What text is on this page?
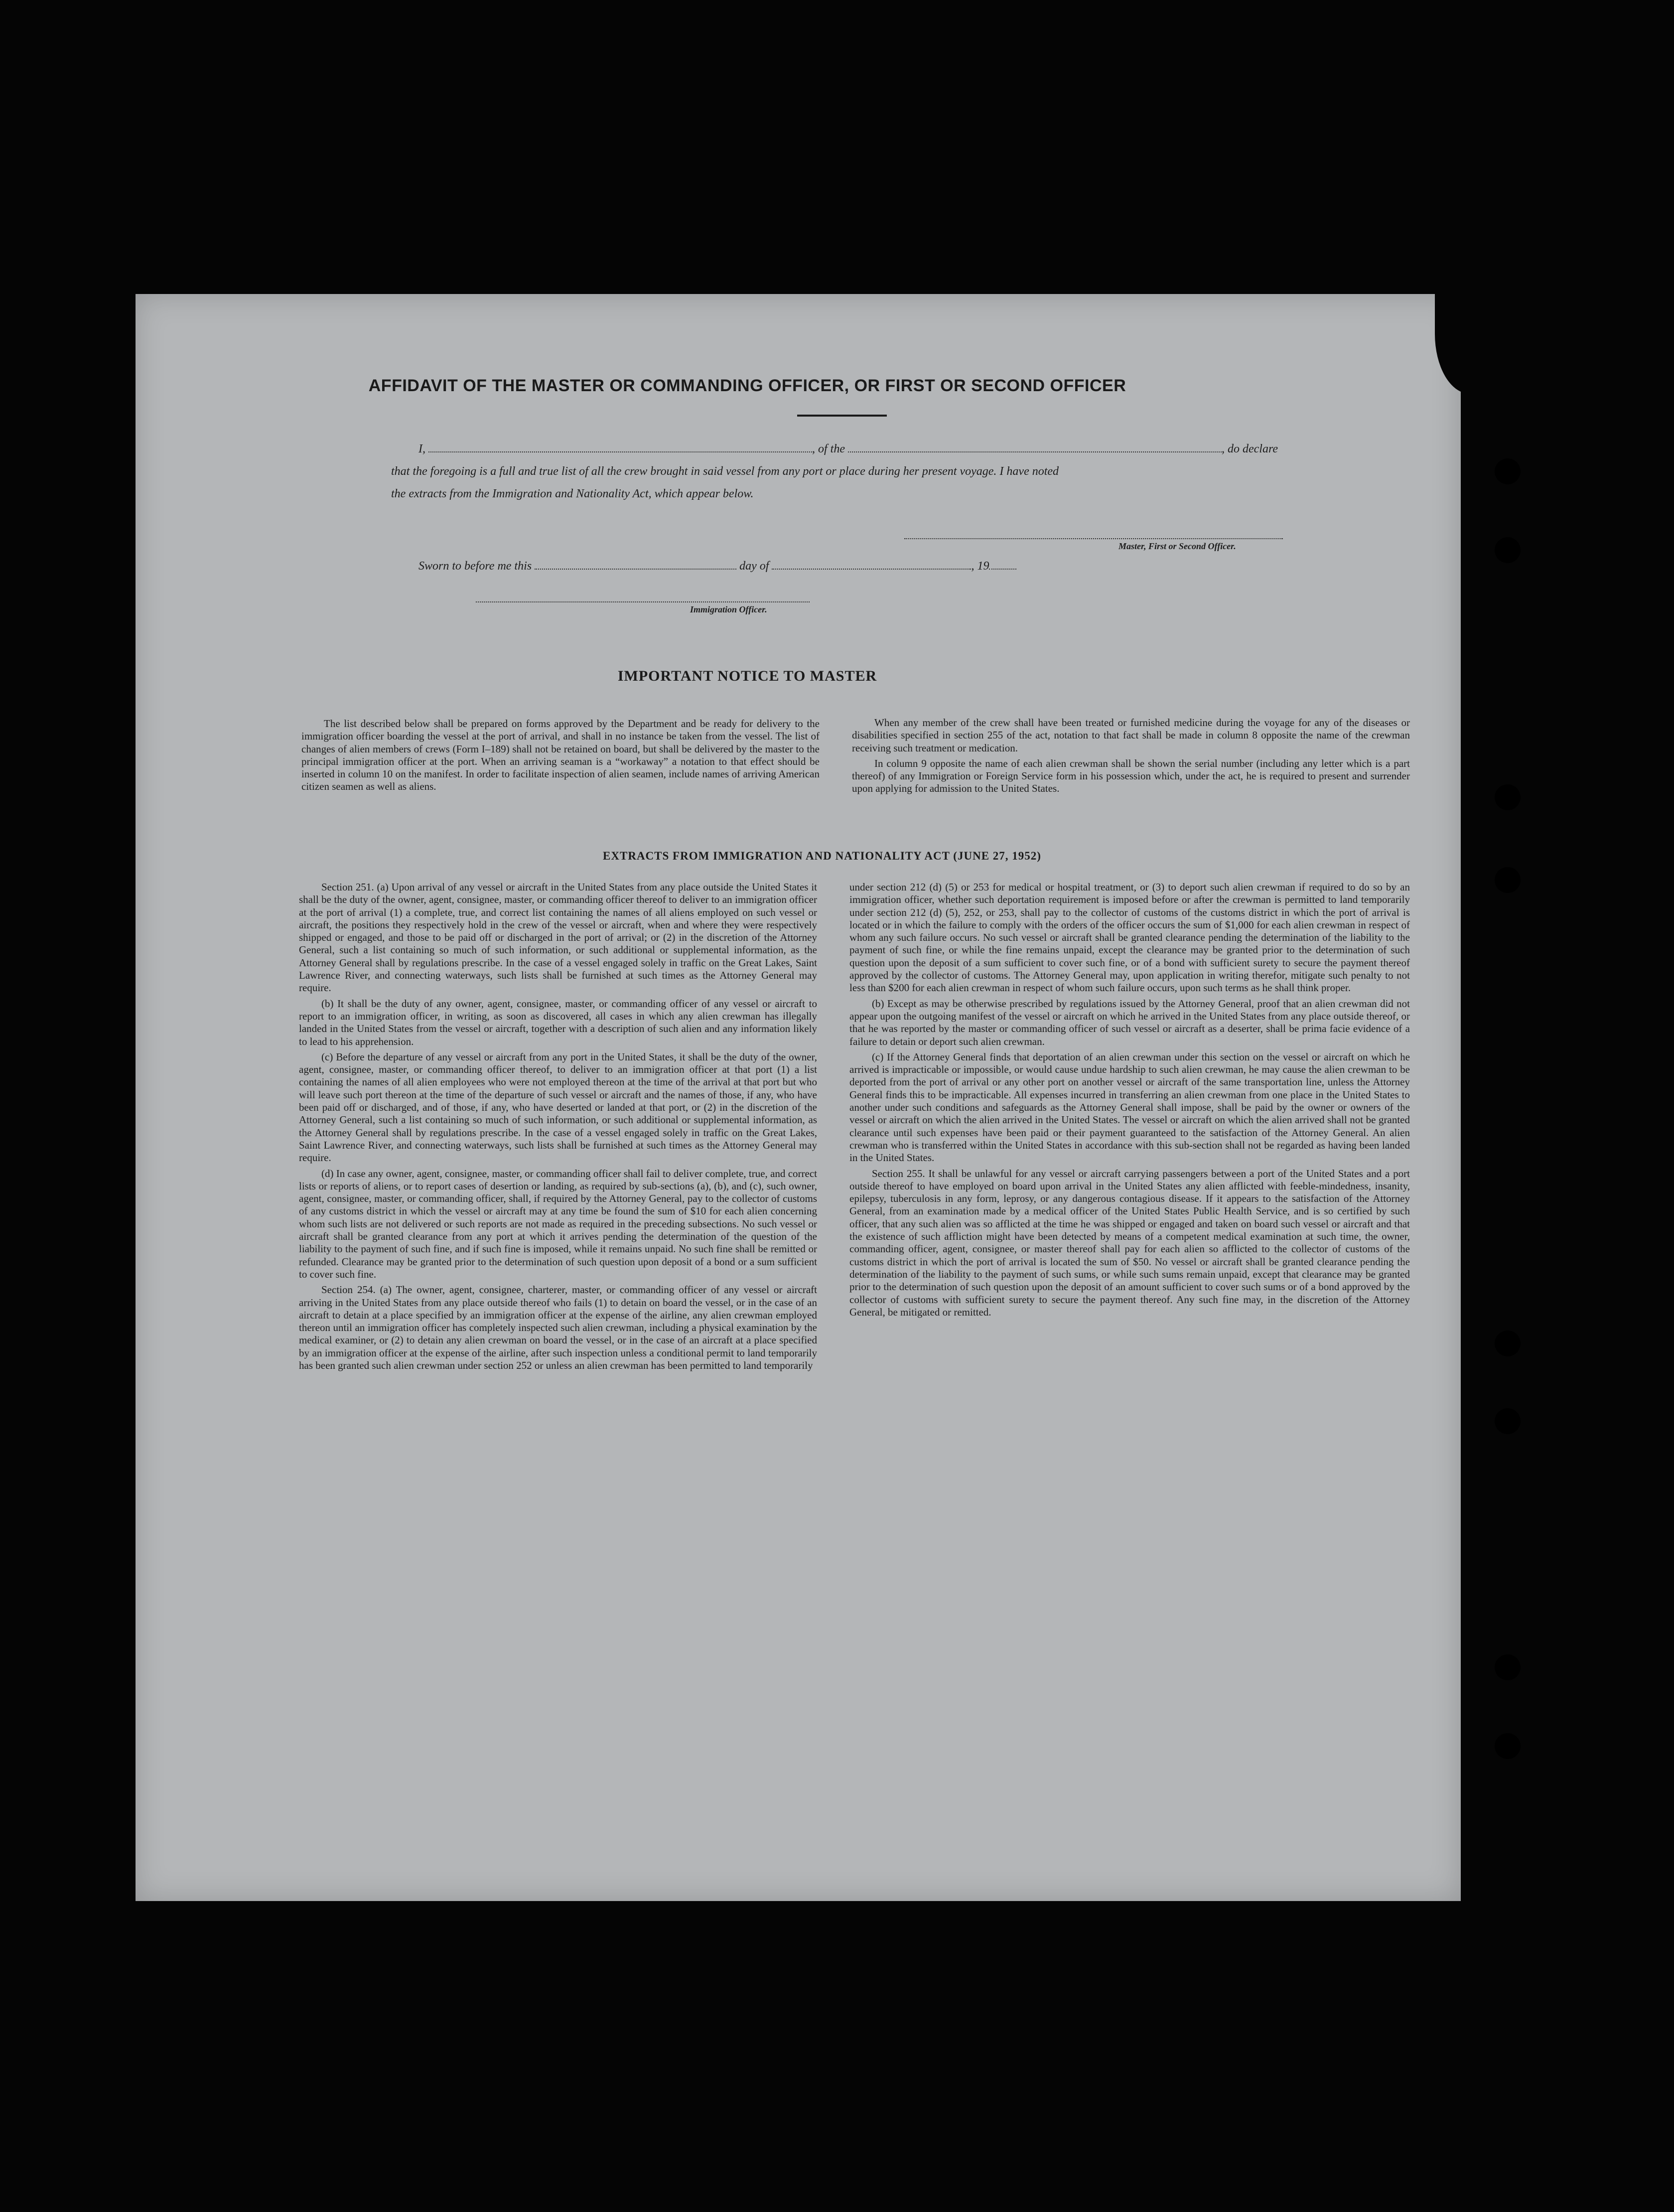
AFFIDAVIT OF THE MASTER OR COMMANDING OFFICER, OR FIRST OR SECOND OFFICER
I,	, of the	, do declare
that the foregoing is a full and true list of all the crew brought in said vessel from any port or place during her present voyage. I have noted
the extracts from the Immigration and Nationality Act, which appear below.
Master, First or Second Officer.
Sworn to before me this	day of	, 19
Immigration Officer.
IMPORTANT NOTICE TO MASTER

The list described below shall be prepared on forms approved by the Department and be ready for delivery to the immigration officer boarding the vessel at the port of arrival, and shall in no instance be taken from the vessel. The list of changes of alien members of crews (Form I–189) shall not be retained on board, but shall be delivered by the master to the principal immigration officer at the port. When an arriving seaman is a “workaway” a notation to that effect should be inserted in column 10 on the manifest. In order to facilitate inspection of alien seamen, include names of arriving American citizen seamen as well as aliens.

When any member of the crew shall have been treated or furnished medicine during the voyage for any of the diseases or disabilities specified in section 255 of the act, notation to that fact shall be made in column 8 opposite the name of the crewman receiving such treatment or medication.

In column 9 opposite the name of each alien crewman shall be shown the serial number (including any letter which is a part thereof) of any Immigration or Foreign Service form in his possession which, under the act, he is required to present and surrender upon applying for admission to the United States.

EXTRACTS FROM IMMIGRATION AND NATIONALITY ACT (JUNE 27, 1952)

Section 251. (a) Upon arrival of any vessel or aircraft in the United States from any place outside the United States it shall be the duty of the owner, agent, consignee, master, or commanding officer thereof to deliver to an immigration officer at the port of arrival (1) a complete, true, and correct list containing the names of all aliens employed on such vessel or aircraft, the positions they respectively hold in the crew of the vessel or aircraft, when and where they were respectively shipped or engaged, and those to be paid off or discharged in the port of arrival; or (2) in the discretion of the Attorney General, such a list containing so much of such information, or such additional or supplemental information, as the Attorney General shall by regulations prescribe. In the case of a vessel engaged solely in traffic on the Great Lakes, Saint Lawrence River, and connecting waterways, such lists shall be furnished at such times as the Attorney General may require.

(b) It shall be the duty of any owner, agent, consignee, master, or commanding officer of any vessel or aircraft to report to an immigration officer, in writing, as soon as discovered, all cases in which any alien crewman has illegally landed in the United States from the vessel or aircraft, together with a description of such alien and any information likely to lead to his apprehension.

(c) Before the departure of any vessel or aircraft from any port in the United States, it shall be the duty of the owner, agent, consignee, master, or commanding officer thereof, to deliver to an immigration officer at that port (1) a list containing the names of all alien employees who were not employed thereon at the time of the arrival at that port but who will leave such port thereon at the time of the departure of such vessel or aircraft and the names of those, if any, who have been paid off or discharged, and of those, if any, who have deserted or landed at that port, or (2) in the discretion of the Attorney General, such a list containing so much of such information, or such additional or supplemental information, as the Attorney General shall by regulations prescribe. In the case of a vessel engaged solely in traffic on the Great Lakes, Saint Lawrence River, and connecting waterways, such lists shall be furnished at such times as the Attorney General may require.

(d) In case any owner, agent, consignee, master, or commanding officer shall fail to deliver complete, true, and correct lists or reports of aliens, or to report cases of desertion or landing, as required by sub-sections (a), (b), and (c), such owner, agent, consignee, master, or commanding officer, shall, if required by the Attorney General, pay to the collector of customs of any customs district in which the vessel or aircraft may at any time be found the sum of $10 for each alien concerning whom such lists are not delivered or such reports are not made as required in the preceding subsections. No such vessel or aircraft shall be granted clearance from any port at which it arrives pending the determination of the question of the liability to the payment of such fine, and if such fine is imposed, while it remains unpaid. No such fine shall be remitted or refunded. Clearance may be granted prior to the determination of such question upon deposit of a bond or a sum sufficient to cover such fine.

Section 254. (a) The owner, agent, consignee, charterer, master, or commanding officer of any vessel or aircraft arriving in the United States from any place outside thereof who fails (1) to detain on board the vessel, or in the case of an aircraft to detain at a place specified by an immigration officer at the expense of the airline, any alien crewman employed thereon until an immigration officer has completely inspected such alien crewman, including a physical examination by the medical examiner, or (2) to detain any alien crewman on board the vessel, or in the case of an aircraft at a place specified by an immigration officer at the expense of the airline, after such inspection unless a conditional permit to land temporarily has been granted such alien crewman under section 252 or unless an alien crewman has been permitted to land temporarily

under section 212 (d) (5) or 253 for medical or hospital treatment, or (3) to deport such alien crewman if required to do so by an immigration officer, whether such deportation requirement is imposed before or after the crewman is permitted to land temporarily under section 212 (d) (5), 252, or 253, shall pay to the collector of customs of the customs district in which the port of arrival is located or in which the failure to comply with the orders of the officer occurs the sum of $1,000 for each alien crewman in respect of whom any such failure occurs. No such vessel or aircraft shall be granted clearance pending the determination of the liability to the payment of such fine, or while the fine remains unpaid, except the clearance may be granted prior to the determination of such question upon the deposit of a sum sufficient to cover such fine, or of a bond with sufficient surety to secure the payment thereof approved by the collector of customs. The Attorney General may, upon application in writing therefor, mitigate such penalty to not less than $200 for each alien crewman in respect of whom such failure occurs, upon such terms as he shall think proper.

(b) Except as may be otherwise prescribed by regulations issued by the Attorney General, proof that an alien crewman did not appear upon the outgoing manifest of the vessel or aircraft on which he arrived in the United States from any place outside thereof, or that he was reported by the master or commanding officer of such vessel or aircraft as a deserter, shall be prima facie evidence of a failure to detain or deport such alien crewman.

(c) If the Attorney General finds that deportation of an alien crewman under this section on the vessel or aircraft on which he arrived is impracticable or impossible, or would cause undue hardship to such alien crewman, he may cause the alien crewman to be deported from the port of arrival or any other port on another vessel or aircraft of the same transportation line, unless the Attorney General finds this to be impracticable. All expenses incurred in transferring an alien crewman from one place in the United States to another under such conditions and safeguards as the Attorney General shall impose, shall be paid by the owner or owners of the vessel or aircraft on which the alien arrived in the United States. The vessel or aircraft on which the alien arrived shall not be granted clearance until such expenses have been paid or their payment guaranteed to the satisfaction of the Attorney General. An alien crewman who is transferred within the United States in accordance with this sub-section shall not be regarded as having been landed in the United States.

Section 255. It shall be unlawful for any vessel or aircraft carrying passengers between a port of the United States and a port outside thereof to have employed on board upon arrival in the United States any alien afflicted with feeble-mindedness, insanity, epilepsy, tuberculosis in any form, leprosy, or any dangerous contagious disease. If it appears to the satisfaction of the Attorney General, from an examination made by a medical officer of the United States Public Health Service, and is so certified by such officer, that any such alien was so afflicted at the time he was shipped or engaged and taken on board such vessel or aircraft and that the existence of such affliction might have been detected by means of a competent medical examination at such time, the owner, commanding officer, agent, consignee, or master thereof shall pay for each alien so afflicted to the collector of customs of the customs district in which the port of arrival is located the sum of $50. No vessel or aircraft shall be granted clearance pending the determination of the liability to the payment of such sums, or while such sums remain unpaid, except that clearance may be granted prior to the determination of such question upon the deposit of an amount sufficient to cover such sums or of a bond approved by the collector of customs with sufficient surety to secure the payment thereof. Any such fine may, in the discretion of the Attorney General, be mitigated or remitted.
